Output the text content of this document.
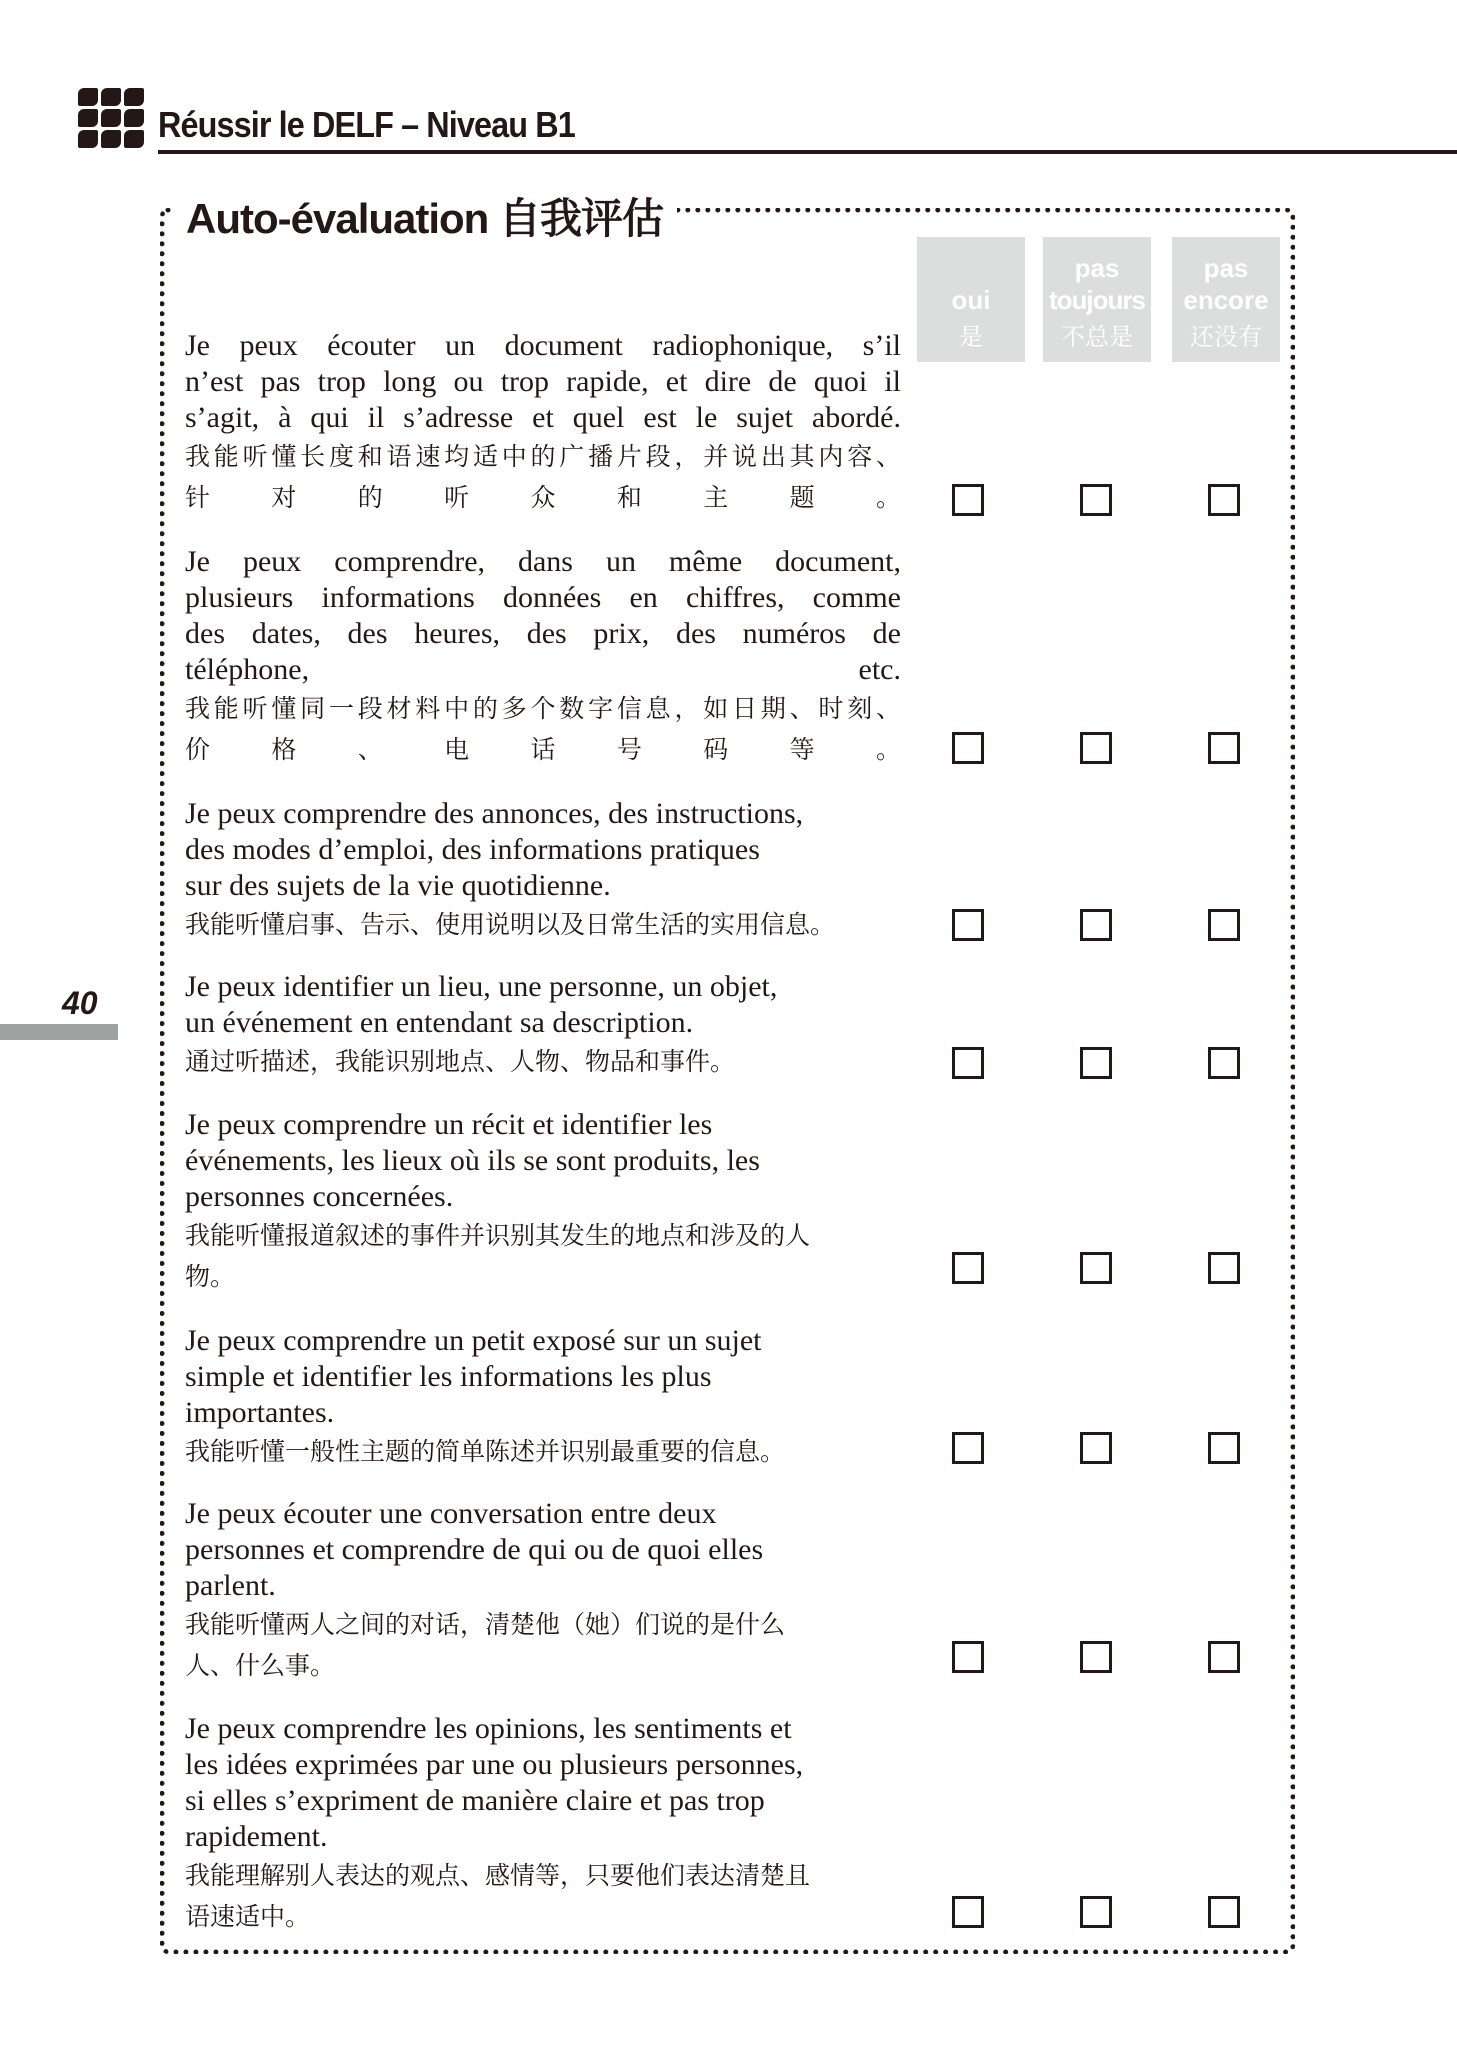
Réussir le DELF – Niveau B1
Auto-évaluation 自我评估
oui
是
pas
toujours
不总是
pas
encore
还没有
Je peux écouter un document radiophonique, s’il
n’est pas trop long ou trop rapide, et dire de quoi il
s’agit, à qui il s’adresse et quel est le sujet abordé.
我能听懂长度和语速均适中的广播片段，并说出其内容、
针对的听众和主题。
Je peux comprendre, dans un même document,
plusieurs informations données en chiffres, comme
des dates, des heures, des prix, des numéros de
téléphone, etc.
我能听懂同一段材料中的多个数字信息，如日期、时刻、
价格、电话号码等。
Je peux comprendre des annonces, des instructions,
des modes d’emploi, des informations pratiques
sur des sujets de la vie quotidienne.
我能听懂启事、告示、使用说明以及日常生活的实用信息。
Je peux identifier un lieu, une personne, un objet,
un événement en entendant sa description.
通过听描述，我能识别地点、人物、物品和事件。
Je peux comprendre un récit et identifier les
événements, les lieux où ils se sont produits, les
personnes concernées.
我能听懂报道叙述的事件并识别其发生的地点和涉及的人
物。
Je peux comprendre un petit exposé sur un sujet
simple et identifier les informations les plus
importantes.
我能听懂一般性主题的简单陈述并识别最重要的信息。
Je peux écouter une conversation entre deux
personnes et comprendre de qui ou de quoi elles
parlent.
我能听懂两人之间的对话，清楚他（她）们说的是什么
人、什么事。
Je peux comprendre les opinions, les sentiments et
les idées exprimées par une ou plusieurs personnes,
si elles s’expriment de manière claire et pas trop
rapidement.
我能理解别人表达的观点、感情等，只要他们表达清楚且
语速适中。
40
